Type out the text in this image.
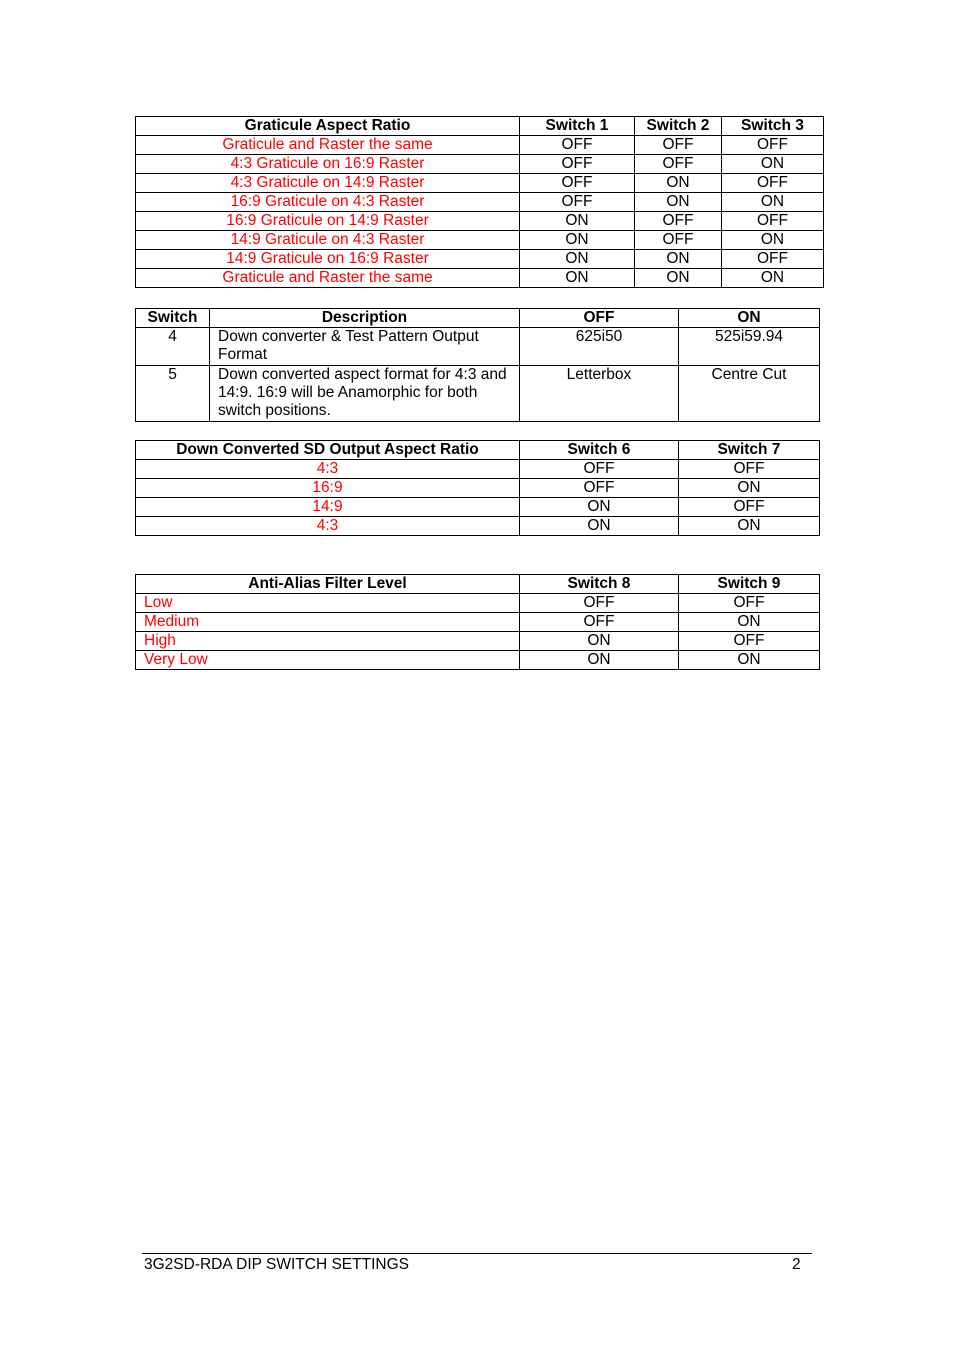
Graticule Aspect Ratio	Switch 1	Switch 2	Switch 3
Graticule and Raster the same	OFF	OFF	OFF
4:3 Graticule on 16:9 Raster	OFF	OFF	ON
4:3 Graticule on 14:9 Raster	OFF	ON	OFF
16:9 Graticule on 4:3 Raster	OFF	ON	ON
16:9 Graticule on 14:9 Raster	ON	OFF	OFF
14:9 Graticule on 4:3 Raster	ON	OFF	ON
14:9 Graticule on 16:9 Raster	ON	ON	OFF
Graticule and Raster the same	ON	ON	ON
Switch	Description	OFF	ON
4	Down converter & Test Pattern Output Format	625i50	525i59.94
5	Down converted aspect format for 4:3 and 14:9. 16:9 will be Anamorphic for both switch positions.	Letterbox	Centre Cut
Down Converted SD Output Aspect Ratio	Switch 6	Switch 7
4:3	OFF	OFF
16:9	OFF	ON
14:9	ON	OFF
4:3	ON	ON
Anti-Alias Filter Level	Switch 8	Switch 9
Low	OFF	OFF
Medium	OFF	ON
High	ON	OFF
Very Low	ON	ON
3G2SD-RDA DIP SWITCH SETTINGS	2
